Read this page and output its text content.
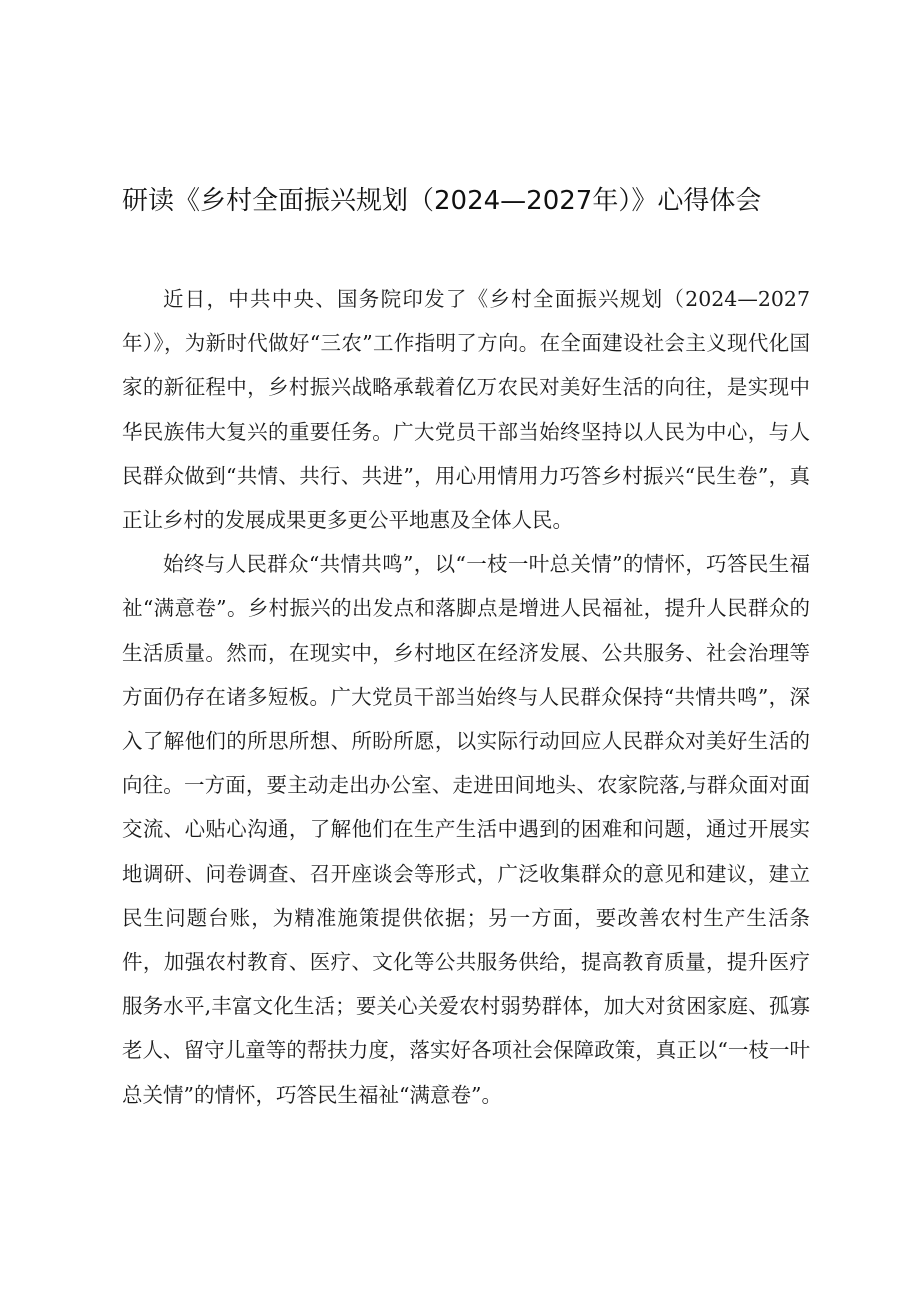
研读《乡村全面振兴规划（2024—2027年）》心得体会

近日，中共中央、国务院印发了《乡村全面振兴规划（2024—2027年）》，为新时代做好“三农”工作指明了方向。在全面建设社会主义现代化国家的新征程中，乡村振兴战略承载着亿万农民对美好生活的向往，是实现中华民族伟大复兴的重要任务。广大党员干部当始终坚持以人民为中心，与人民群众做到“共情、共行、共进”，用心用情用力巧答乡村振兴“民生卷”，真正让乡村的发展成果更多更公平地惠及全体人民。

始终与人民群众“共情共鸣”，以“一枝一叶总关情”的情怀，巧答民生福祉“满意卷”。乡村振兴的出发点和落脚点是增进人民福祉，提升人民群众的生活质量。然而，在现实中，乡村地区在经济发展、公共服务、社会治理等方面仍存在诸多短板。广大党员干部当始终与人民群众保持“共情共鸣”，深入了解他们的所思所想、所盼所愿，以实际行动回应人民群众对美好生活的向往。一方面，要主动走出办公室、走进田间地头、农家院落,与群众面对面交流、心贴心沟通，了解他们在生产生活中遇到的困难和问题，通过开展实地调研、问卷调查、召开座谈会等形式，广泛收集群众的意见和建议，建立民生问题台账，为精准施策提供依据；另一方面，要改善农村生产生活条件，加强农村教育、医疗、文化等公共服务供给，提高教育质量，提升医疗服务水平,丰富文化生活；要关心关爱农村弱势群体，加大对贫困家庭、孤寡老人、留守儿童等的帮扶力度，落实好各项社会保障政策，真正以“一枝一叶总关情”的情怀，巧答民生福祉“满意卷”。
